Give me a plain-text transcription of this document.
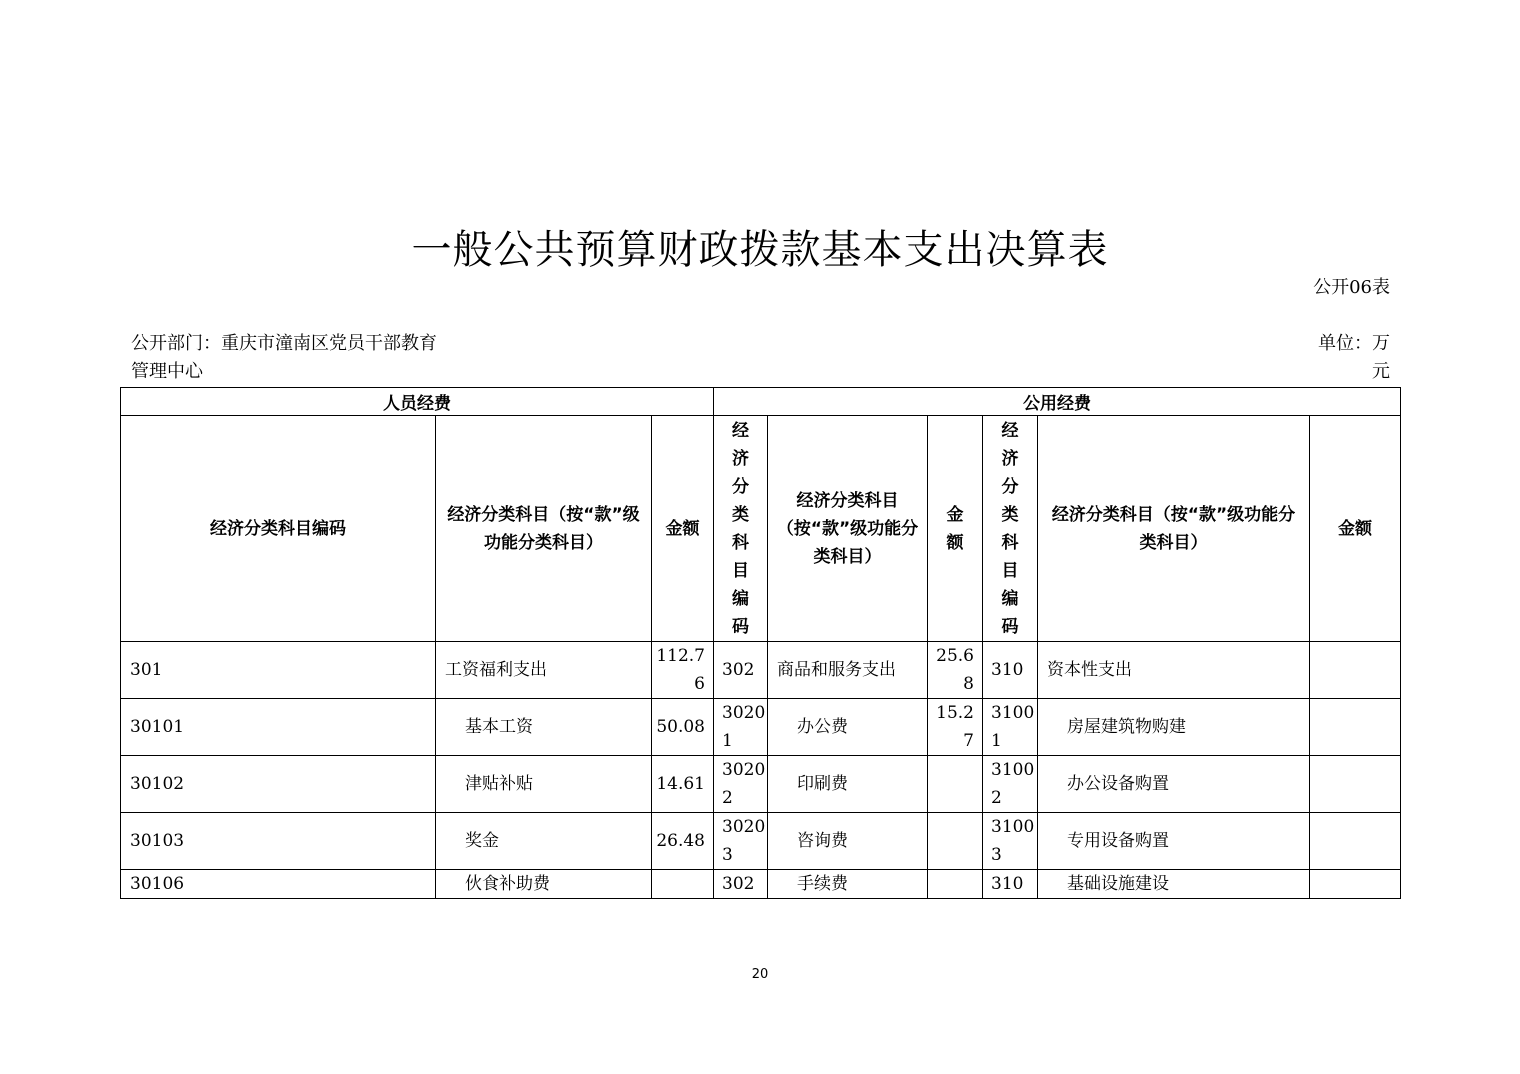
一般公共预算财政拨款基本支出决算表
公开06表
公开部门：重庆市潼南区党员干部教育管理中心
单位：万元
人员经费			公用经费					
经济分类科目编码	经济分类科目（按“款”级功能分类科目）	金额	经济分类科目编码	经济分类科目（按“款”级功能分类科目）	金额	经济分类科目编码	经济分类科目（按“款”级功能分类科目）	金额
301	工资福利支出	112.76	302	商品和服务支出	25.68	310	资本性支出	
30101	基本工资	50.08	30201	办公费	15.27	31001	房屋建筑物购建	
30102	津贴补贴	14.61	30202	印刷费		31002	办公设备购置	
30103	奖金	26.48	30203	咨询费		31003	专用设备购置	
30106	伙食补助费		302	手续费		310	基础设施建设	
20
